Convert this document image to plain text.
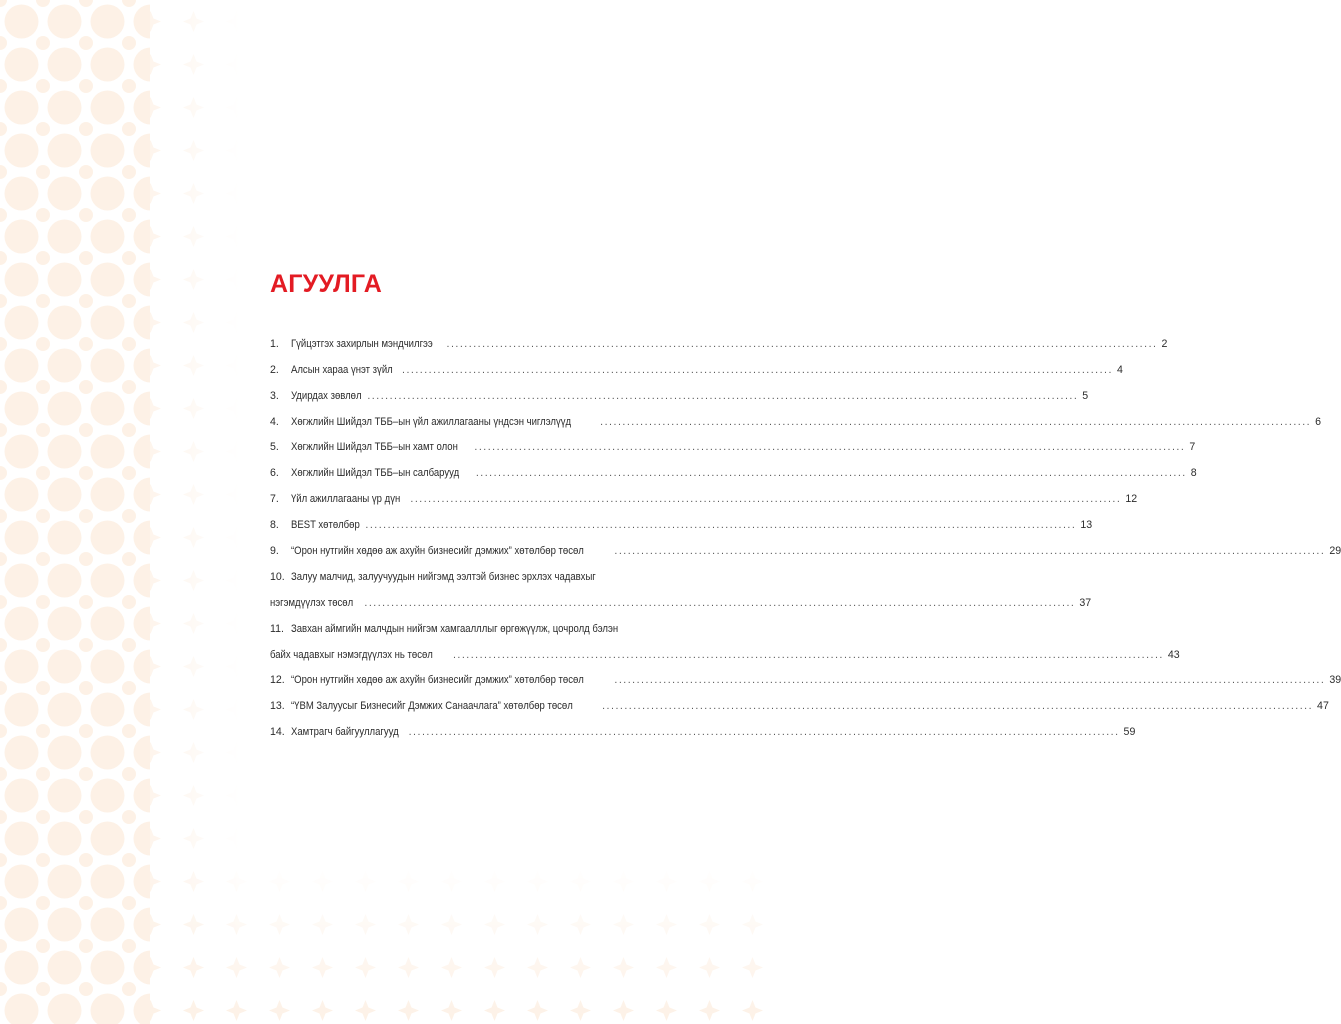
АГУУЛГА
1.	Гүйцэтгэх захирлын мэндчилгээ ................................................................................................................................................................ 2
2.	Алсын хараа үнэт зүйл ................................................................................................................................................................ 4
3.	Удирдах зөвлөл ................................................................................................................................................................ 5
4.	Хөгжлийн Шийдэл ТББ–ын үйл ажиллагааны үндсэн чиглэлүүд	................................................................................................................................................................ 6
5.	Хөгжлийн Шийдэл ТББ–ын хамт олон ................................................................................................................................................................ 7
6.	Хөгжлийн Шийдэл ТББ–ын салбарууд ................................................................................................................................................................ 8
7.	Үйл ажиллагааны үр дүн ................................................................................................................................................................ 12
8.	BEST хөтөлбөр ................................................................................................................................................................ 13
9.	“Орон нутгийн хөдөө аж ахуйн бизнесийг дэмжих” хөтөлбөр төсөл	................................................................................................................................................................ 29
10. Залуу малчид, залуучуудын нийгэмд ээлтэй бизнес эрхлэх чадавхыг
нэгэмдүүлэх төсөл ................................................................................................................................................................ 37
11. Завхан аймгийн малчдын нийгэм хамгаалллыг өргөжүүлж, цочролд бэлэн
байх чадавхыг нэмэгдүүлэх нь төсөл ................................................................................................................................................................ 43
12. “Орон нутгийн хөдөө аж ахуйн бизнесийг дэмжих” хөтөлбөр төсөл	................................................................................................................................................................ 39
13. “ҮВМ Залуусыг Бизнесийг Дэмжих Санаачлага” хөтөлбөр төсөл	................................................................................................................................................................ 47
14. Хамтрагч байгууллагууд ................................................................................................................................................................ 59
